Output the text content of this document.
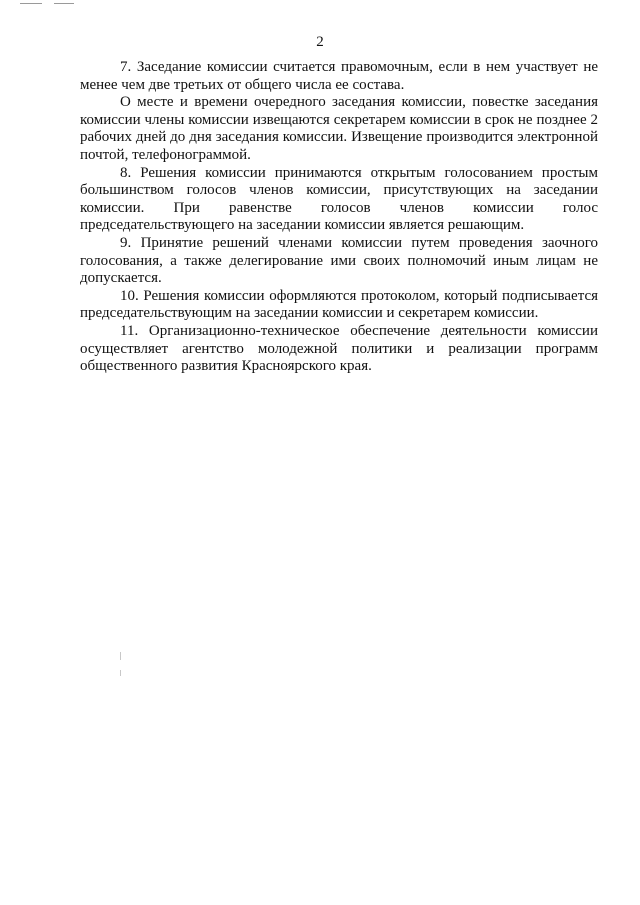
2

7. Заседание комиссии считается правомочным, если в нем участвует не менее чем две третьих от общего числа ее состава.

О месте и времени очередного заседания комиссии, повестке заседания комиссии члены комиссии извещаются секретарем комиссии в срок не позднее 2 рабочих дней до дня заседания комиссии. Извещение производится электронной почтой, телефонограммой.

8. Решения комиссии принимаются открытым голосованием простым большинством голосов членов комиссии, присутствующих на заседании комиссии. При равенстве голосов членов комиссии голос председательствующего на заседании комиссии является решающим.

9. Принятие решений членами комиссии путем проведения заочного голосования, а также делегирование ими своих полномочий иным лицам не допускается.

10. Решения комиссии оформляются протоколом, который подписывается председательствующим на заседании комиссии и секретарем комиссии.

11. Организационно-техническое обеспечение деятельности комиссии осуществляет агентство молодежной политики и реализации программ общественного развития Красноярского края.
